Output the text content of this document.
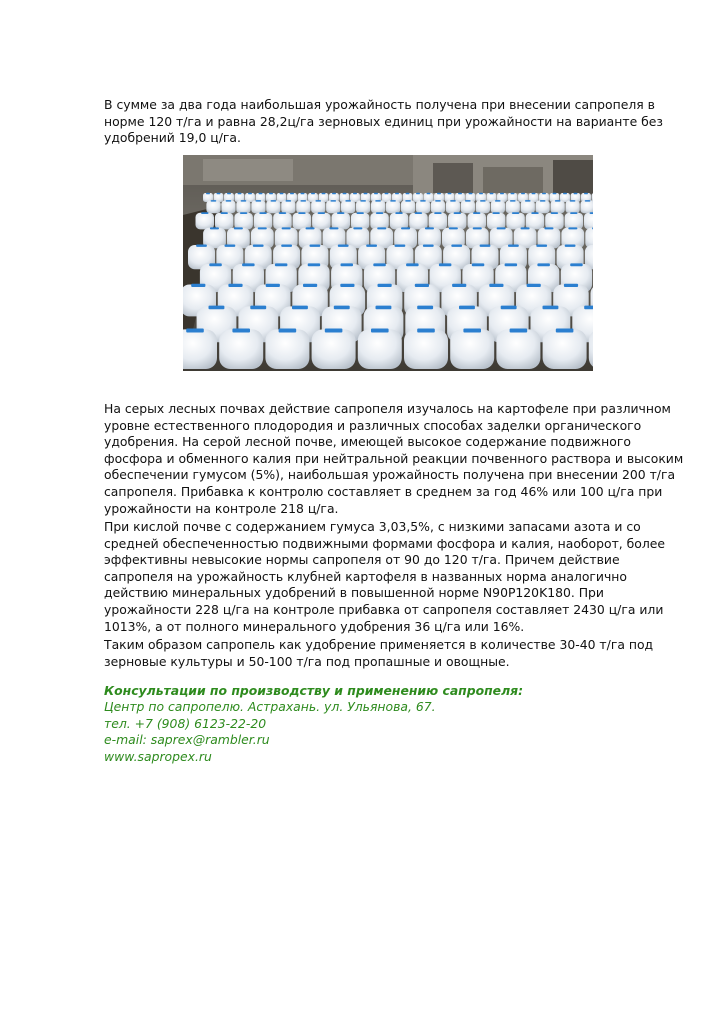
В сумме за два года наибольшая урожайность получена при внесении сапропеля в
норме 120 т/га и равна 28,2ц/га зерновых единиц при урожайности на варианте без
удобрений 19,0 ц/га.

На серых лесных почвах действие сапропеля изучалось на картофеле при различном
уровне естественного плодородия и различных способах заделки органического
удобрения. На серой лесной почве, имеющей высокое содержание подвижного
фосфора и обменного калия при нейтральной реакции почвенного раствора и высоким
обеспечении гумусом (5%), наибольшая урожайность получена при внесении 200 т/га
сапропеля. Прибавка к контролю составляет в среднем за год 46% или 100 ц/га при
урожайности на контроле 218 ц/га.

При кислой почве с содержанием гумуса 3,03,5%, с низкими запасами азота и со
средней обеспеченностью подвижными формами фосфора и калия, наоборот, более
эффективны невысокие нормы сапропеля от 90 до 120 т/га. Причем действие
сапропеля на урожайность клубней картофеля в названных норма аналогично
действию минеральных удобрений в повышенной норме N90P120K180. При
урожайности 228 ц/га на контроле прибавка от сапропеля составляет 2430 ц/га или
1013%, а от полного минерального удобрения 36 ц/га или 16%.

Таким образом сапропель как удобрение применяется в количестве 30-40 т/га под
зерновые культуры и 50-100 т/га под пропашные и овощные.

Консультации по производству и применению сапропеля:
Центр по сапропелю. Астрахань. ул. Ульянова, 67.
тел. +7 (908) 6123-22-20
e-mail: saprex@rambler.ru
www.sapropex.ru
